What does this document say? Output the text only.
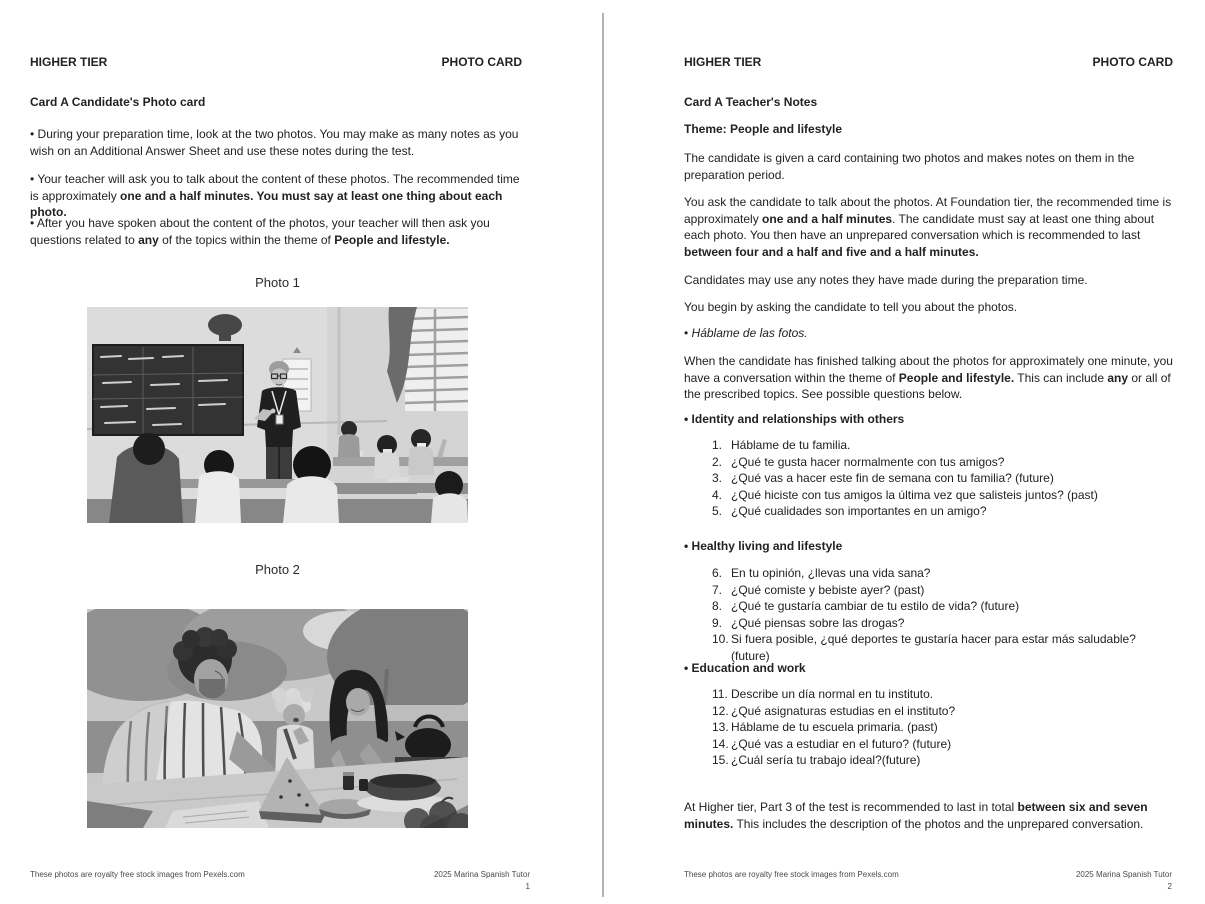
HIGHER TIER	PHOTO CARD
Card A Candidate's Photo card
• During your preparation time, look at the two photos. You may make as many notes as you wish on an Additional Answer Sheet and use these notes during the test.
• Your teacher will ask you to talk about the content of these photos. The recommended time is approximately one and a half minutes. You must say at least one thing about each photo.
• After you have spoken about the content of the photos, your teacher will then ask you questions related to any of the topics within the theme of People and lifestyle.
Photo 1
Photo 2
These photos are royalty free stock images from Pexels.com	2025 Marina Spanish Tutor
1
HIGHER TIER	PHOTO CARD
Card A Teacher's Notes
Theme: People and lifestyle
The candidate is given a card containing two photos and makes notes on them in the preparation period.
You ask the candidate to talk about the photos. At Foundation tier, the recommended time is approximately one and a half minutes. The candidate must say at least one thing about each photo. You then have an unprepared conversation which is recommended to last between four and a half and five and a half minutes.
Candidates may use any notes they have made during the preparation time.
You begin by asking the candidate to tell you about the photos.
• Háblame de las fotos.
When the candidate has finished talking about the photos for approximately one minute, you have a conversation within the theme of People and lifestyle. This can include any or all of the prescribed topics. See possible questions below.
• Identity and relationships with others
1. Háblame de tu familia.
2. ¿Qué te gusta hacer normalmente con tus amigos?
3. ¿Qué vas a hacer este fin de semana con tu familia? (future)
4. ¿Qué hiciste con tus amigos la última vez que salisteis juntos? (past)
5. ¿Qué cualidades son importantes en un amigo?
• Healthy living and lifestyle
6. En tu opinión, ¿llevas una vida sana?
7. ¿Qué comiste y bebiste ayer? (past)
8. ¿Qué te gustaría cambiar de tu estilo de vida? (future)
9. ¿Qué piensas sobre las drogas?
10. Si fuera posible, ¿qué deportes te gustaría hacer para estar más saludable?(future)
• Education and work
11. Describe un día normal en tu instituto.
12. ¿Qué asignaturas estudias en el instituto?
13. Háblame de tu escuela primaria. (past)
14. ¿Qué vas a estudiar en el futuro? (future)
15. ¿Cuál sería tu trabajo ideal?(future)
At Higher tier, Part 3 of the test is recommended to last in total between six and seven minutes. This includes the description of the photos and the unprepared conversation.
These photos are royalty free stock images from Pexels.com	2025 Marina Spanish Tutor
2
